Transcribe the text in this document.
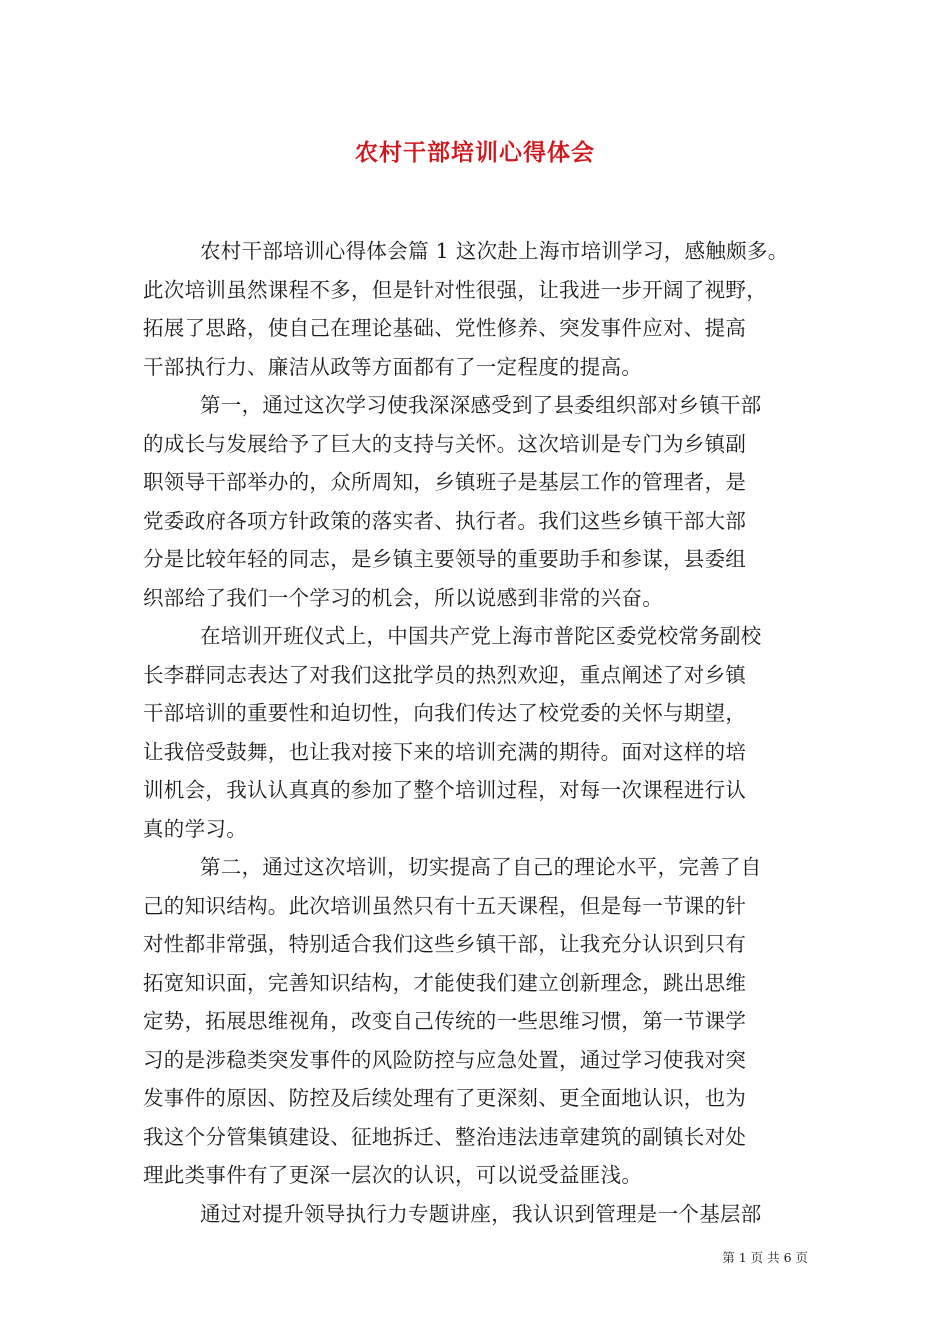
农村干部培训心得体会
农村干部培训心得体会篇 1 这次赴上海市培训学习，感触颇多。
此次培训虽然课程不多，但是针对性很强，让我进一步开阔了视野，
拓展了思路，使自己在理论基础、党性修养、突发事件应对、提高
干部执行力、廉洁从政等方面都有了一定程度的提高。
第一，通过这次学习使我深深感受到了县委组织部对乡镇干部
的成长与发展给予了巨大的支持与关怀。这次培训是专门为乡镇副
职领导干部举办的，众所周知，乡镇班子是基层工作的管理者，是
党委政府各项方针政策的落实者、执行者。我们这些乡镇干部大部
分是比较年轻的同志，是乡镇主要领导的重要助手和参谋，县委组
织部给了我们一个学习的机会，所以说感到非常的兴奋。
在培训开班仪式上，中国共产党上海市普陀区委党校常务副校
长李群同志表达了对我们这批学员的热烈欢迎，重点阐述了对乡镇
干部培训的重要性和迫切性，向我们传达了校党委的关怀与期望，
让我倍受鼓舞，也让我对接下来的培训充满的期待。面对这样的培
训机会，我认认真真的参加了整个培训过程，对每一次课程进行认
真的学习。
第二，通过这次培训，切实提高了自己的理论水平，完善了自
己的知识结构。此次培训虽然只有十五天课程，但是每一节课的针
对性都非常强，特别适合我们这些乡镇干部，让我充分认识到只有
拓宽知识面，完善知识结构，才能使我们建立创新理念，跳出思维
定势，拓展思维视角，改变自己传统的一些思维习惯，第一节课学
习的是涉稳类突发事件的风险防控与应急处置，通过学习使我对突
发事件的原因、防控及后续处理有了更深刻、更全面地认识，也为
我这个分管集镇建设、征地拆迁、整治违法违章建筑的副镇长对处
理此类事件有了更深一层次的认识，可以说受益匪浅。
通过对提升领导执行力专题讲座，我认识到管理是一个基层部
第 1 页 共 6 页
